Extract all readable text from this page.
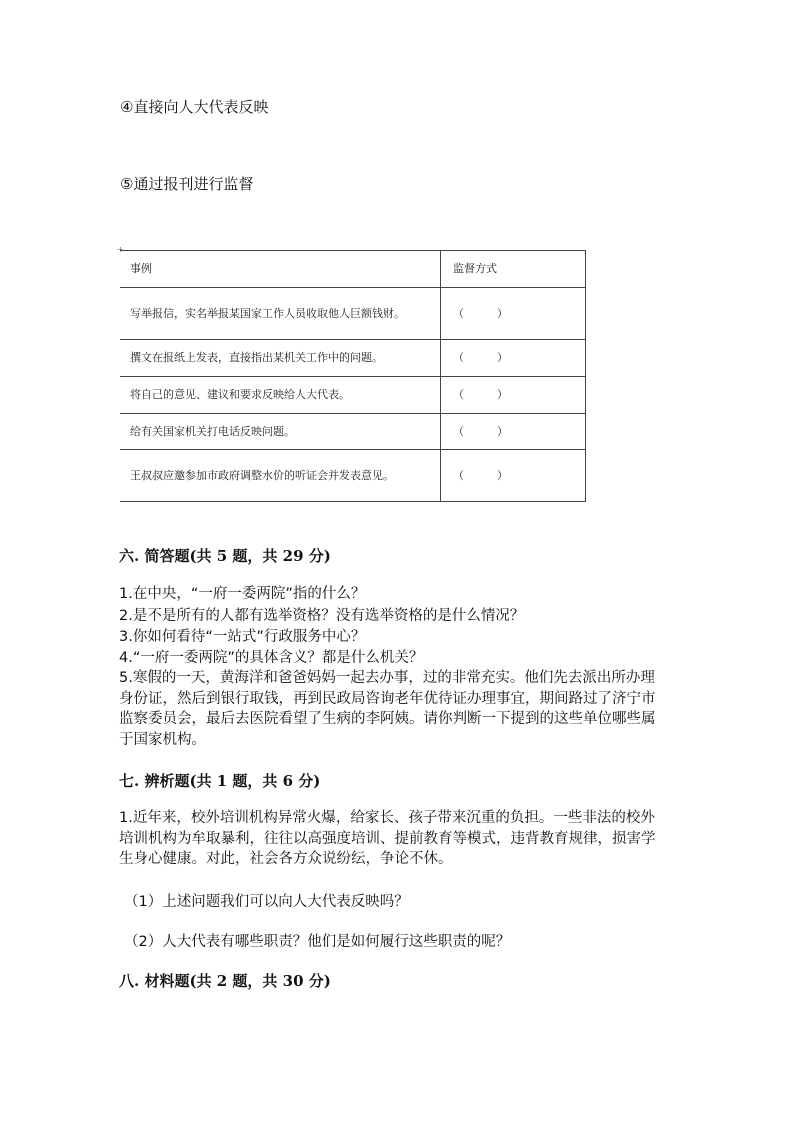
④直接向人大代表反映
⑤通过报刊进行监督
+
事例	监督方式
写举报信，实名举报某国家工作人员收取他人巨额钱财。	（　　　）
撰文在报纸上发表，直接指出某机关工作中的问题。	（　　　）
将自己的意见、建议和要求反映给人大代表。	（　　　）
给有关国家机关打电话反映问题。	（　　　）
王叔叔应邀参加市政府调整水价的听证会并发表意见。	（　　　）
六. 简答题(共 5 题，共 29 分)
1.在中央，“一府一委两院”指的什么？
2.是不是所有的人都有选举资格？没有选举资格的是什么情况？
3.你如何看待“一站式”行政服务中心？
4.“一府一委两院”的具体含义？都是什么机关？
5.寒假的一天，黄海洋和爸爸妈妈一起去办事，过的非常充实。他们先去派出所办理身份证，然后到银行取钱，再到民政局咨询老年优待证办理事宜，期间路过了济宁市监察委员会，最后去医院看望了生病的李阿姨。请你判断一下提到的这些单位哪些属于国家机构。
七. 辨析题(共 1 题，共 6 分)
1.近年来，校外培训机构异常火爆，给家长、孩子带来沉重的负担。一些非法的校外培训机构为牟取暴利，往往以高强度培训、提前教育等模式，违背教育规律，损害学生身心健康。对此，社会各方众说纷纭，争论不休。
（1）上述问题我们可以向人大代表反映吗？
（2）人大代表有哪些职责？他们是如何履行这些职责的呢？
八. 材料题(共 2 题，共 30 分)
